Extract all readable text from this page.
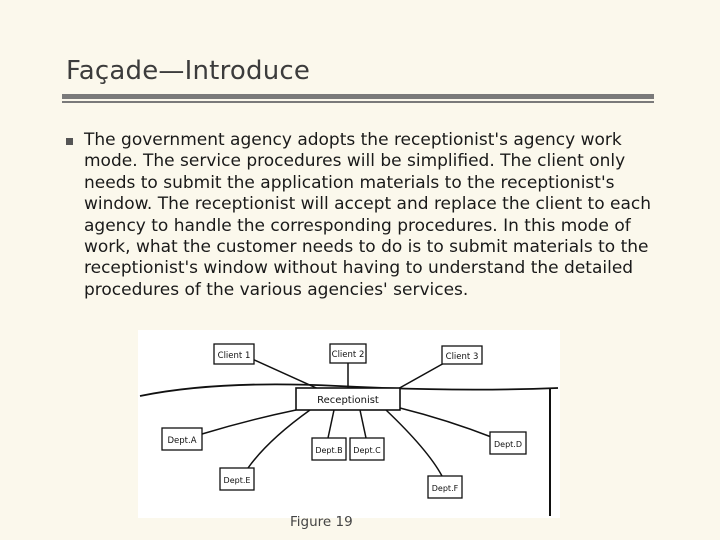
Façade—Introduce
The government agency adopts the receptionist's agency work mode. The service procedures will be simplified. The client only needs to submit the application materials to the receptionist's window. The receptionist will accept and replace the client to each agency to handle the corresponding procedures. In this mode of work, what the customer needs to do is to submit materials to the receptionist's window without having to understand the detailed procedures of the various agencies' services.
Client 1	Client 2	Client 3
Receptionist
Dept.A
Dept.B Dept.C
Dept.D
Dept.E
Dept.F
Figure 19
